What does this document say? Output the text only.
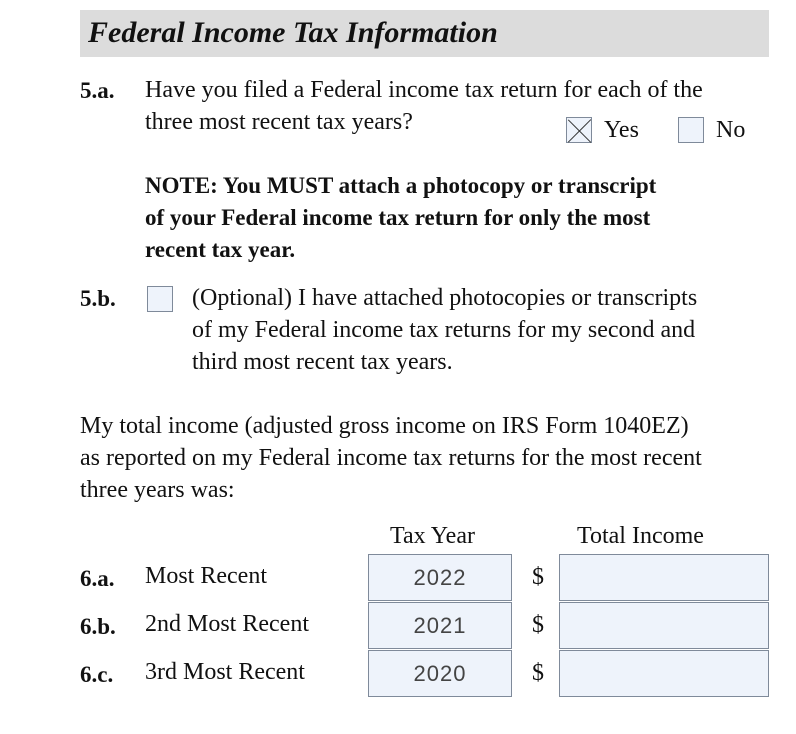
Federal Income Tax Information
5.a. Have you filed a Federal income tax return for each of the
three most recent tax years?	Yes	No
NOTE: You MUST attach a photocopy or transcript
of your Federal income tax return for only the most
recent tax year.
5.b.	(Optional) I have attached photocopies or transcripts
of my Federal income tax returns for my second and
third most recent tax years.
My total income (adjusted gross income on IRS Form 1040EZ)
as reported on my Federal income tax returns for the most recent
three years was:
Tax Year	Total Income
6.a. Most Recent	2022	$
6.b. 2nd Most Recent	2021	$
6.c. 3rd Most Recent	2020	$
